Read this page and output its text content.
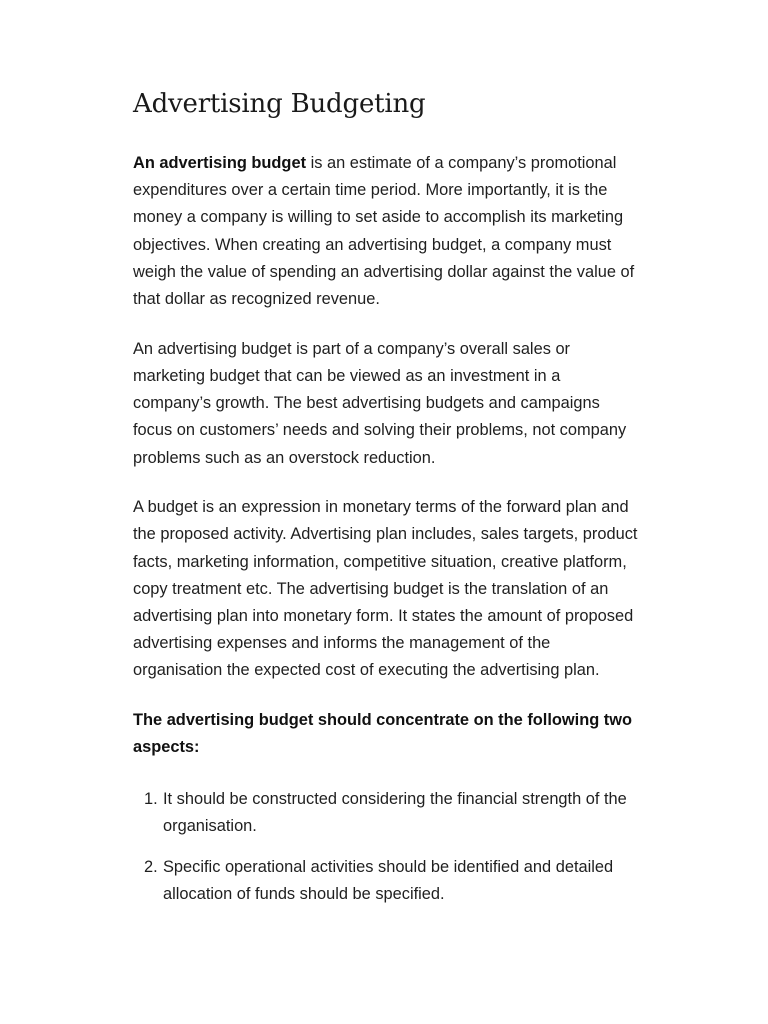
Advertising Budgeting

An advertising budget is an estimate of a company’s promotional expenditures over a certain time period. More importantly, it is the money a company is willing to set aside to accomplish its marketing objectives. When creating an advertising budget, a company must weigh the value of spending an advertising dollar against the value of that dollar as recognized revenue.

An advertising budget is part of a company’s overall sales or marketing budget that can be viewed as an investment in a company’s growth. The best advertising budgets and campaigns focus on customers’ needs and solving their problems, not company problems such as an overstock reduction.

A budget is an expression in monetary terms of the forward plan and the proposed activity. Advertising plan includes, sales targets, product facts, marketing information, competitive situation, creative platform, copy treatment etc. The advertising budget is the translation of an advertising plan into monetary form. It states the amount of proposed advertising expenses and informs the management of the organisation the expected cost of executing the advertising plan.

The advertising budget should concentrate on the following two aspects:

1. It should be constructed considering the financial strength of the organisation.
2. Specific operational activities should be identified and detailed allocation of funds should be specified.
